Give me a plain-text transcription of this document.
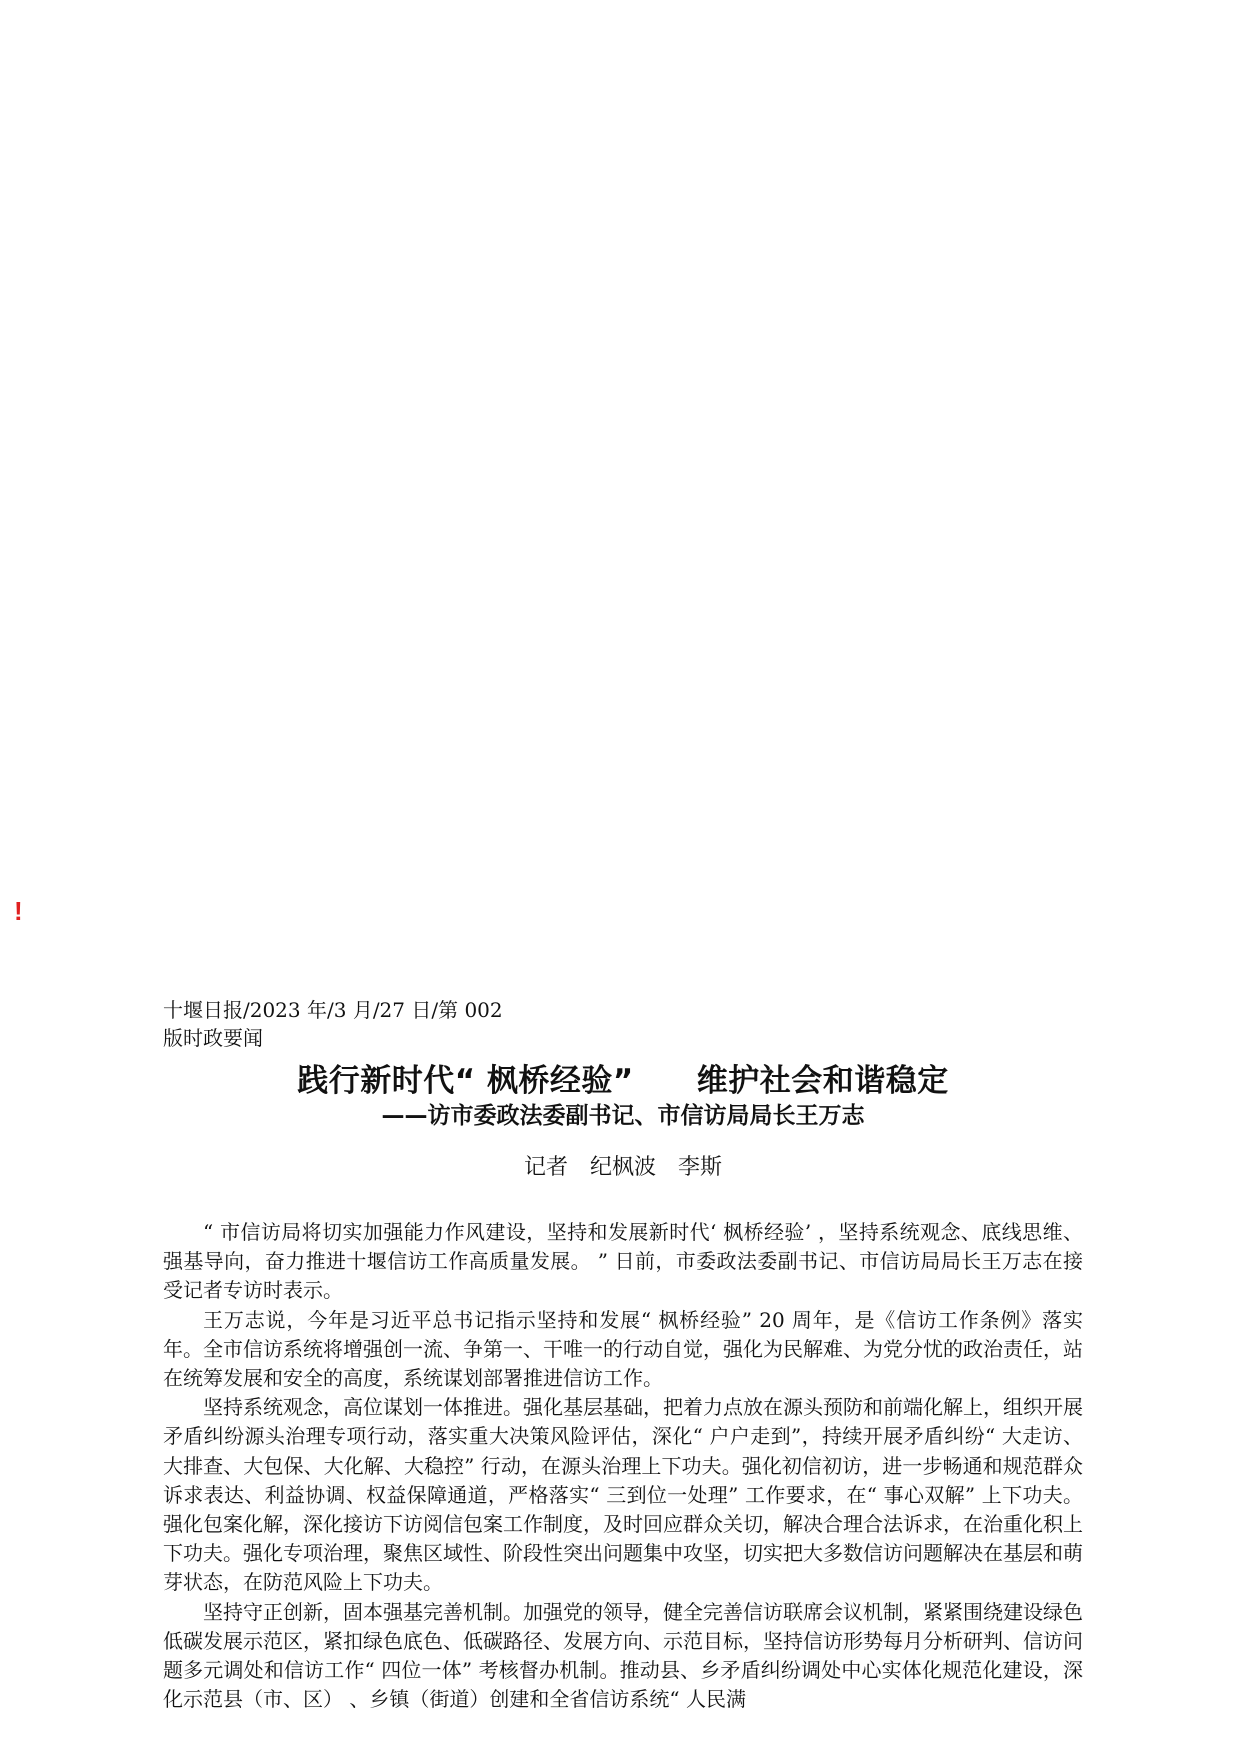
!
十堰日报/2023 年/3 月/27 日/第 002 版时政要闻
践行新时代“ 枫桥经验”　　维护社会和谐稳定
——访市委政法委副书记、市信访局局长王万志
记者　纪枫波　李斯

“ 市信访局将切实加强能力作风建设，坚持和发展新时代‘ 枫桥经验’ ，坚持系统观念、底线思维、强基导向，奋力推进十堰信访工作高质量发展。 ” 日前，市委政法委副书记、市信访局局长王万志在接受记者专访时表示。

王万志说，今年是习近平总书记指示坚持和发展“ 枫桥经验” 20 周年，是《信访工作条例》落实年。全市信访系统将增强创一流、争第一、干唯一的行动自觉，强化为民解难、为党分忧的政治责任，站在统筹发展和安全的高度，系统谋划部署推进信访工作。

坚持系统观念，高位谋划一体推进。强化基层基础，把着力点放在源头预防和前端化解上，组织开展矛盾纠纷源头治理专项行动，落实重大决策风险评估，深化“ 户户走到”，持续开展矛盾纠纷“ 大走访、大排查、大包保、大化解、大稳控” 行动，在源头治理上下功夫。强化初信初访，进一步畅通和规范群众诉求表达、利益协调、权益保障通道，严格落实“ 三到位一处理” 工作要求，在“ 事心双解” 上下功夫。强化包案化解，深化接访下访阅信包案工作制度，及时回应群众关切，解决合理合法诉求，在治重化积上下功夫。强化专项治理，聚焦区域性、阶段性突出问题集中攻坚，切实把大多数信访问题解决在基层和萌芽状态，在防范风险上下功夫。

坚持守正创新，固本强基完善机制。加强党的领导，健全完善信访联席会议机制，紧紧围绕建设绿色低碳发展示范区，紧扣绿色底色、低碳路径、发展方向、示范目标，坚持信访形势每月分析研判、信访问题多元调处和信访工作“ 四位一体” 考核督办机制。推动县、乡矛盾纠纷调处中心实体化规范化建设，深化示范县（市、区） 、乡镇（街道）创建和全省信访系统“ 人民满
